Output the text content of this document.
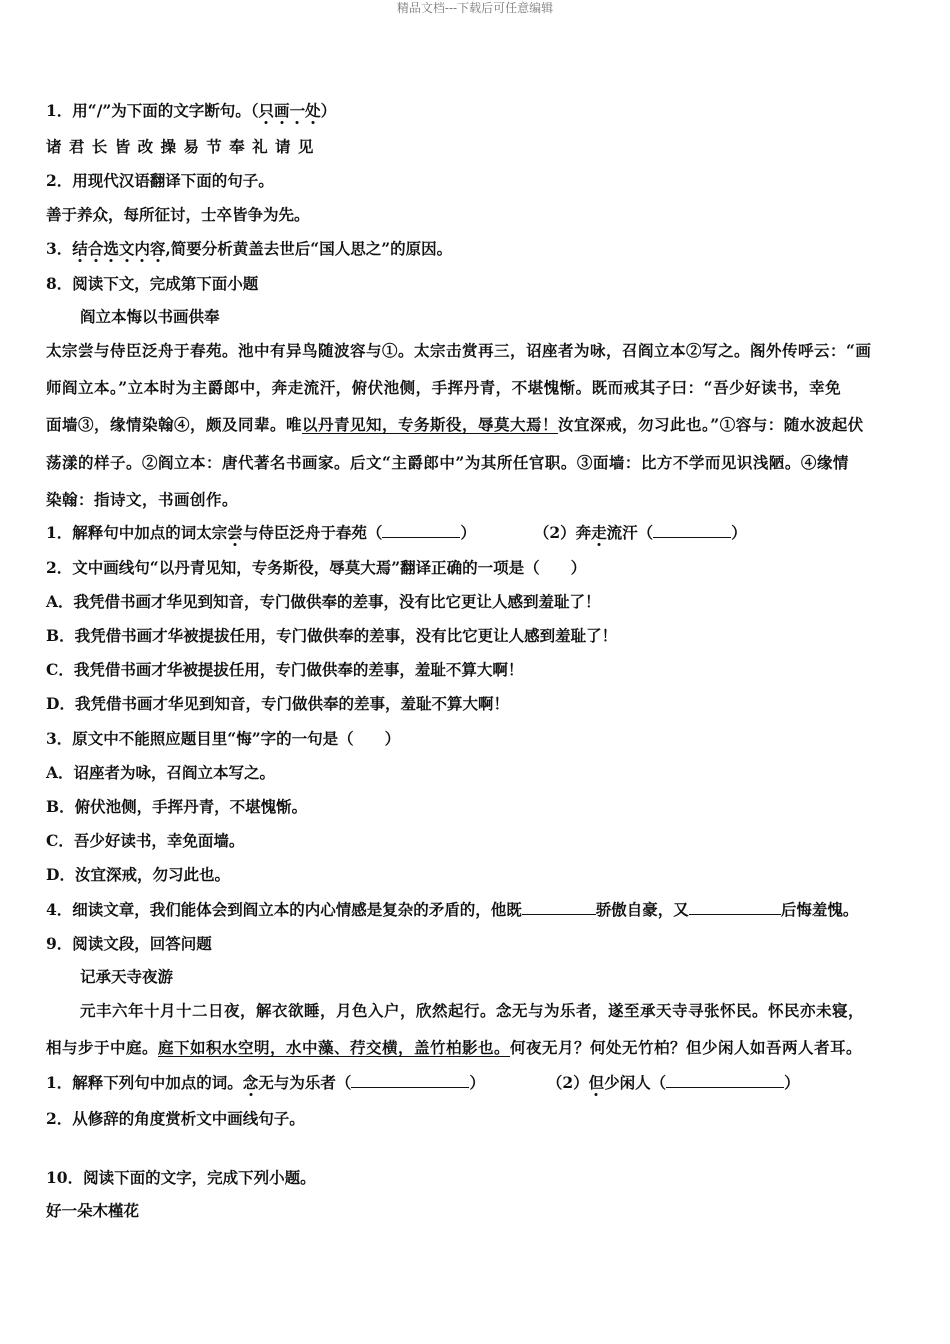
精品文档---下载后可任意编辑
1．用“/”为下面的文字断句。（只画一处）
诸 君 长 皆 改 操 易 节 奉 礼 请 见
2．用现代汉语翻译下面的句子。
善于养众，每所征讨，士卒皆争为先。
3．结合选文内容,简要分析黄盖去世后“国人思之”的原因。
8．阅读下文，完成第下面小题
阎立本悔以书画供奉
太宗尝与侍臣泛舟于春苑。池中有异鸟随波容与①。太宗击赏再三，诏座者为咏，召阎立本②写之。阁外传呼云：“画
师阎立本。”立本时为主爵郎中，奔走流汗，俯伏池侧，手挥丹青，不堪愧惭。既而戒其子曰：“吾少好读书，幸免
面墙③，缘情染翰④，颇及同辈。唯以丹青见知，专务斯役，辱莫大焉！汝宜深戒，勿习此也。”①容与：随水波起伏
荡漾的样子。②阎立本：唐代著名书画家。后文“主爵郎中”为其所任官职。③面墙：比方不学而见识浅陋。④缘情
染翰：指诗文，书画创作。
1．解释句中加点的词太宗尝与侍臣泛舟于春苑（	）	（2）奔走流汗（	）
2．文中画线句“以丹青见知，专务斯役，辱莫大焉”翻译正确的一项是（　　）
A．我凭借书画才华见到知音，专门做供奉的差事，没有比它更让人感到羞耻了！
B．我凭借书画才华被提拔任用，专门做供奉的差事，没有比它更让人感到羞耻了！
C．我凭借书画才华被提拔任用，专门做供奉的差事，羞耻不算大啊！
D．我凭借书画才华见到知音，专门做供奉的差事，羞耻不算大啊！
3．原文中不能照应题目里“悔”字的一句是（　　）
A．诏座者为咏，召阎立本写之。
B．俯伏池侧，手挥丹青，不堪愧惭。
C．吾少好读书，幸免面墙。
D．汝宜深戒，勿习此也。
4．细读文章，我们能体会到阎立本的内心情感是复杂的矛盾的，他既	骄傲自豪，又	后悔羞愧。
9．阅读文段，回答问题
记承天寺夜游
元丰六年十月十二日夜，解衣欲睡，月色入户，欣然起行。念无与为乐者，遂至承天寺寻张怀民。怀民亦未寝，
相与步于中庭。庭下如积水空明，水中藻、荇交横，盖竹柏影也。何夜无月？何处无竹柏？但少闲人如吾两人者耳。
1．解释下列句中加点的词。念无与为乐者（	）	（2）但少闲人（	）
2．从修辞的角度赏析文中画线句子。
10．阅读下面的文字，完成下列小题。
好一朵木槿花
